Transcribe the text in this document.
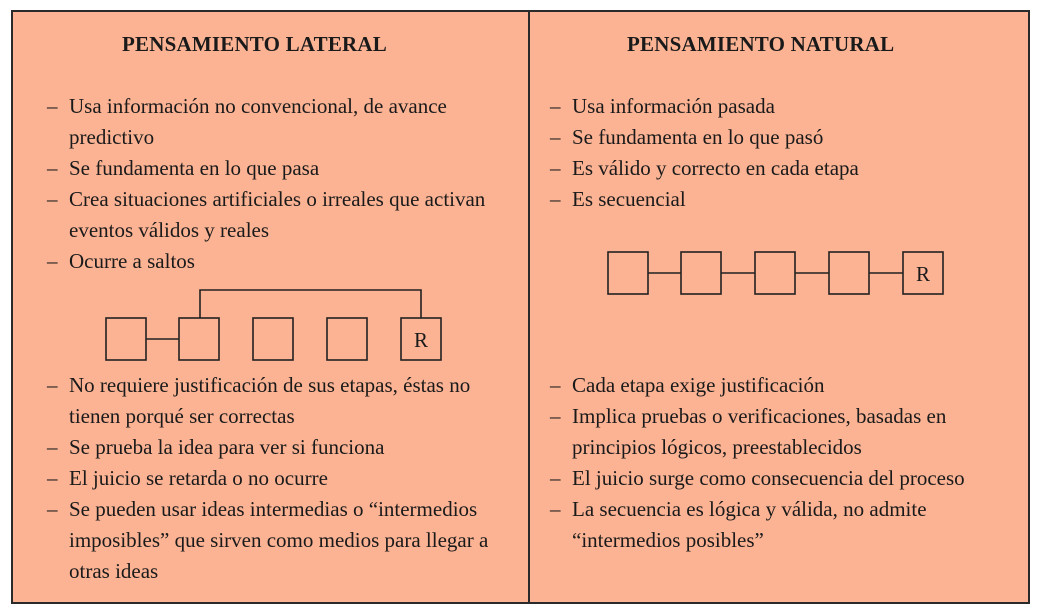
PENSAMIENTO LATERAL
– Usa información no convencional, de avance predictivo
– Se fundamenta en lo que pasa
– Crea situaciones artificiales o irreales que activan eventos válidos y reales
– Ocurre a saltos
R
– No requiere justificación de sus etapas, éstas no tienen porqué ser correctas
– Se prueba la idea para ver si funciona
– El juicio se retarda o no ocurre
– Se pueden usar ideas intermedias o “intermedios imposibles” que sirven como medios para llegar a otras ideas
PENSAMIENTO NATURAL
– Usa información pasada
– Se fundamenta en lo que pasó
– Es válido y correcto en cada etapa
– Es secuencial
R
– Cada etapa exige justificación
– Implica pruebas o verificaciones, basadas en principios lógicos, preestablecidos
– El juicio surge como consecuencia del proceso
– La secuencia es lógica y válida, no admite “intermedios posibles”
